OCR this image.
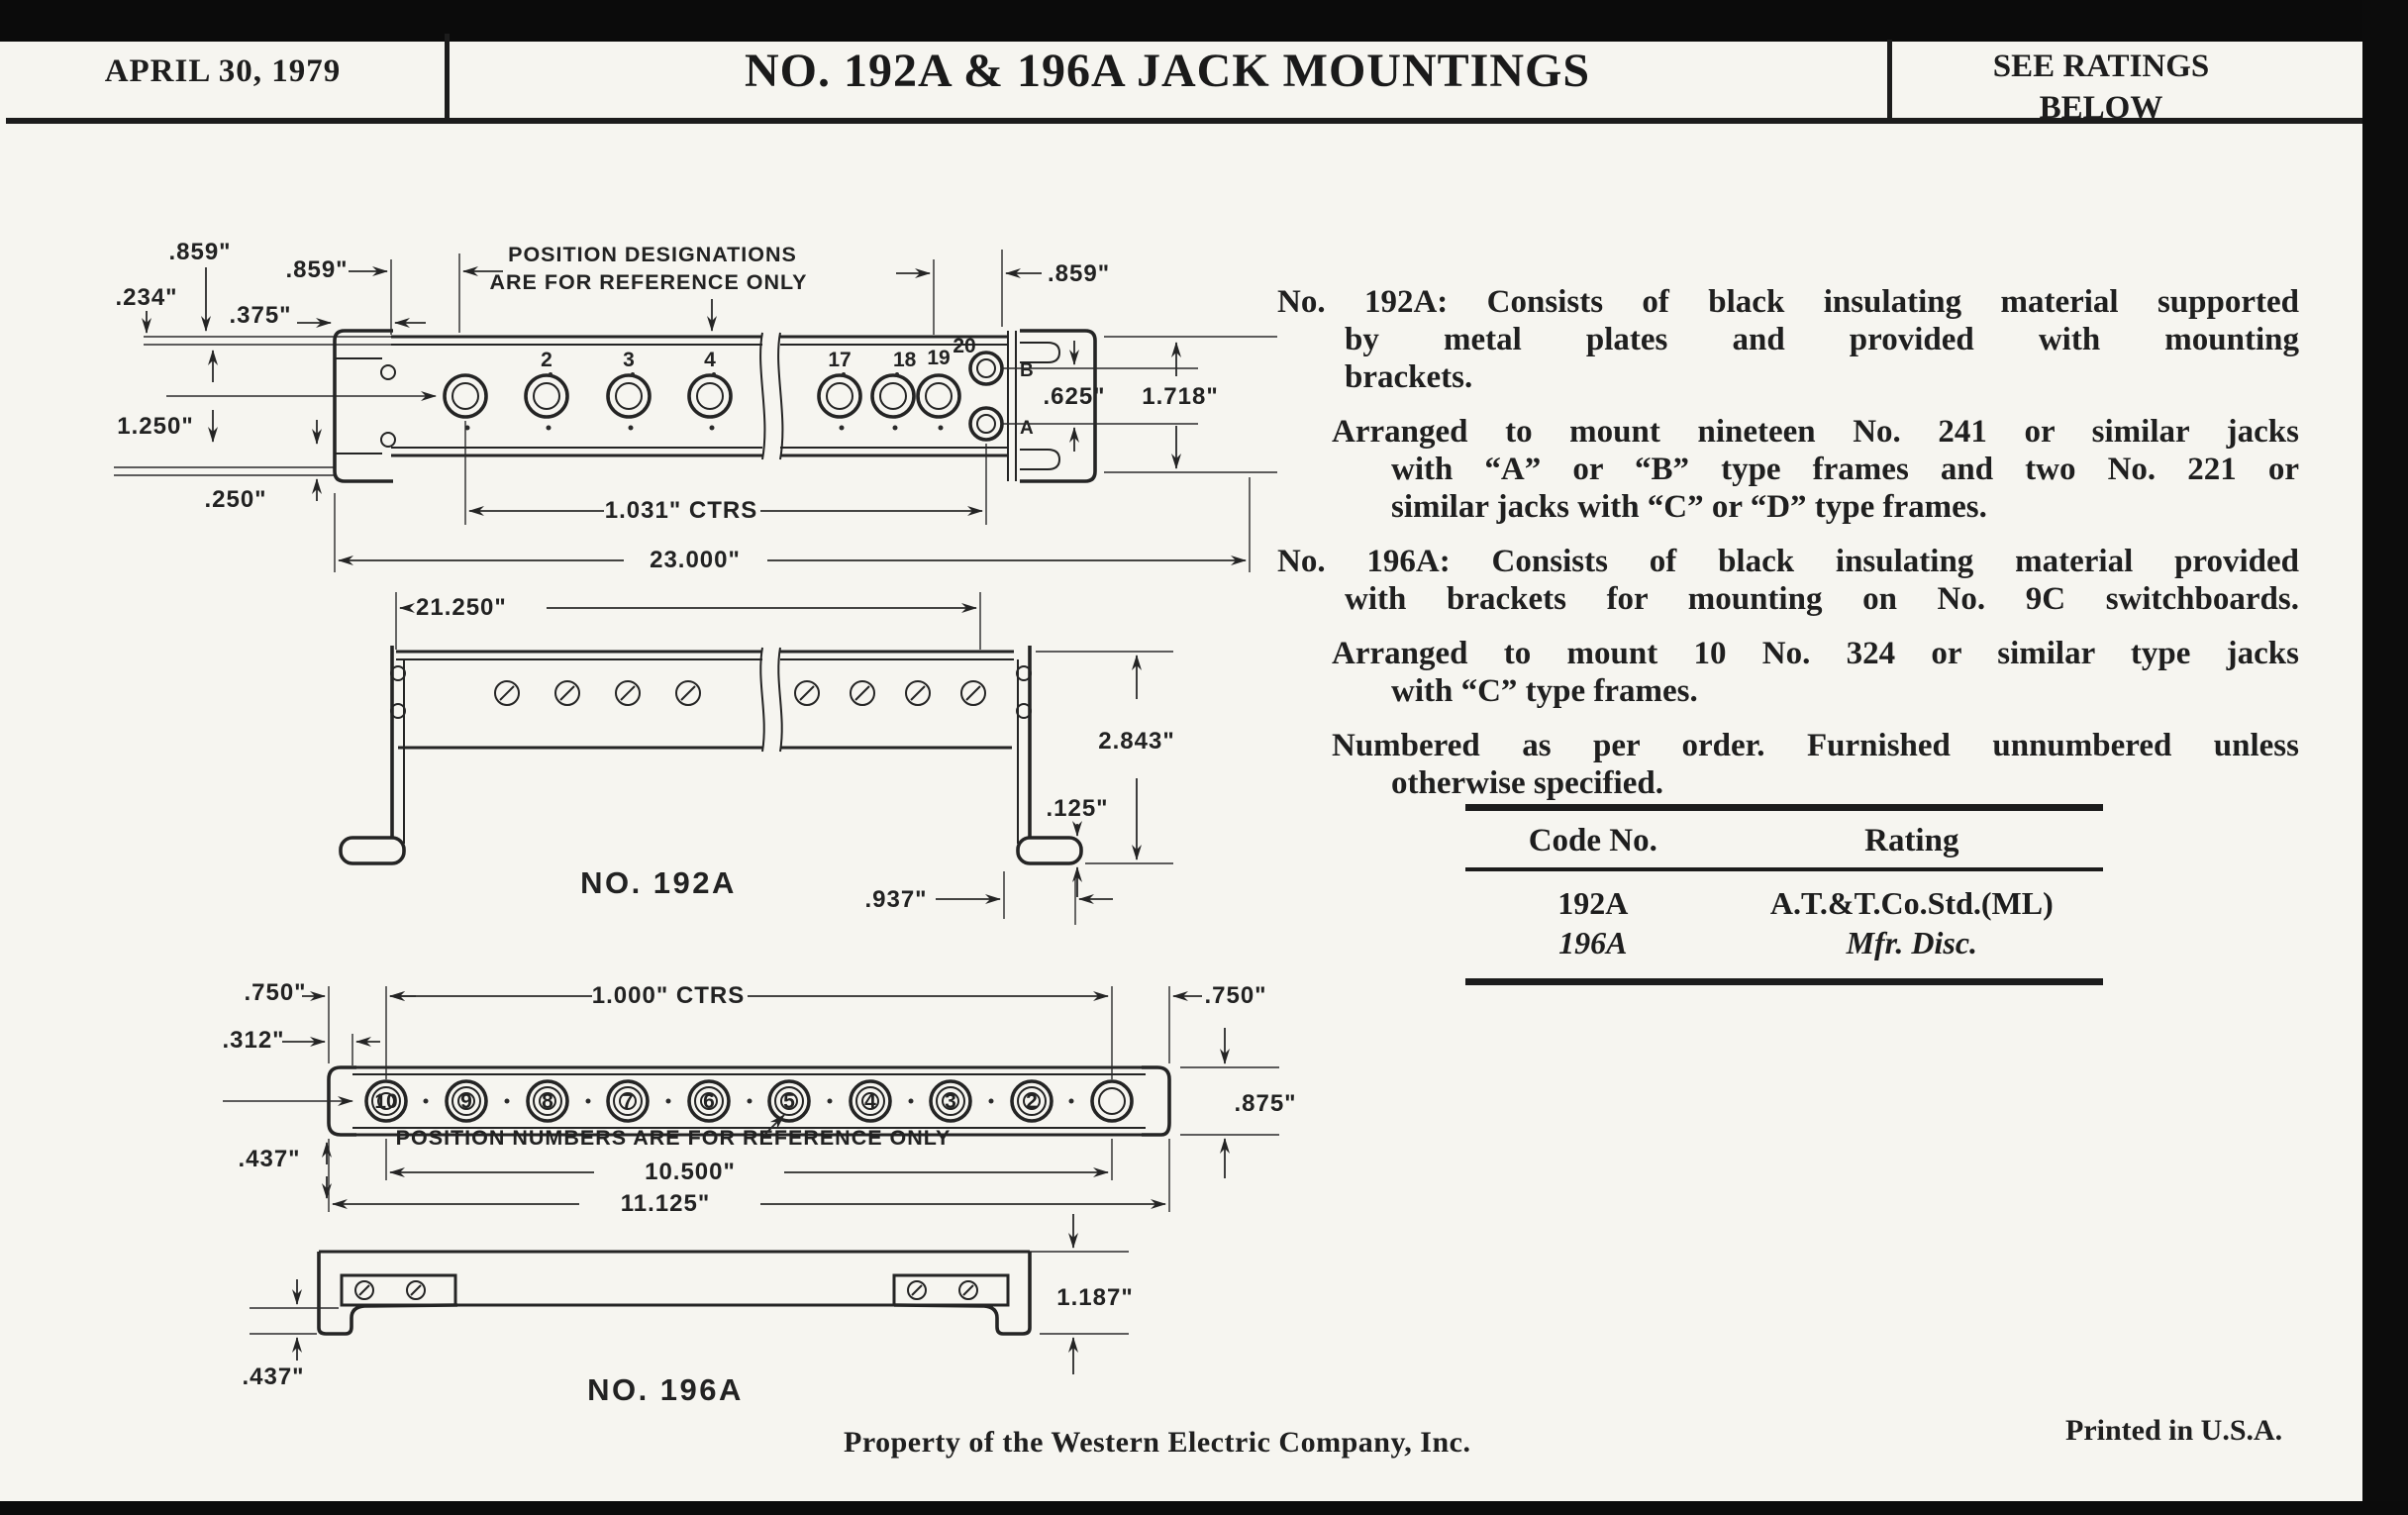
APRIL 30, 1979	NO. 192A & 196A JACK MOUNTINGS	SEE RATINGS
BELOW
2	3	4	17 18 19
20
B
A
POSITION DESIGNATIONS
ARE FOR REFERENCE ONLY
.859"
.234"
.375"
.859"	.859"
1.250"
.250"	1.031" CTRS
23.000"
.625" 1.718"
21.250"
2.843"
.125"
.937"
NO. 192A
10	9	8	7	6	5	4	3	2
.750"
.312"
1.000" CTRS	.750"
.875"
POSITION NUMBERS ARE FOR REFERENCE ONLY
.437"	10.500"
11.125"
1.187"
.437"	NO. 196A
No. 192A: Consists of black insulating material supported
by metal plates and provided with mounting
brackets.
Arranged to mount nineteen No. 241 or similar jacks
with “A” or “B” type frames and two No. 221 or
similar jacks with “C” or “D” type frames.
No. 196A: Consists of black insulating material provided
with brackets for mounting on No. 9C switchboards.
Arranged to mount 10 No. 324 or similar type jacks
with “C” type frames.
Numbered as per order. Furnished unnumbered unless
otherwise specified.
Code No.	Rating
192A	A.T.&T.Co.Std.(ML)
196A	Mfr. Disc.
Property of the Western Electric Company, Inc.	Printed in U.S.A.
